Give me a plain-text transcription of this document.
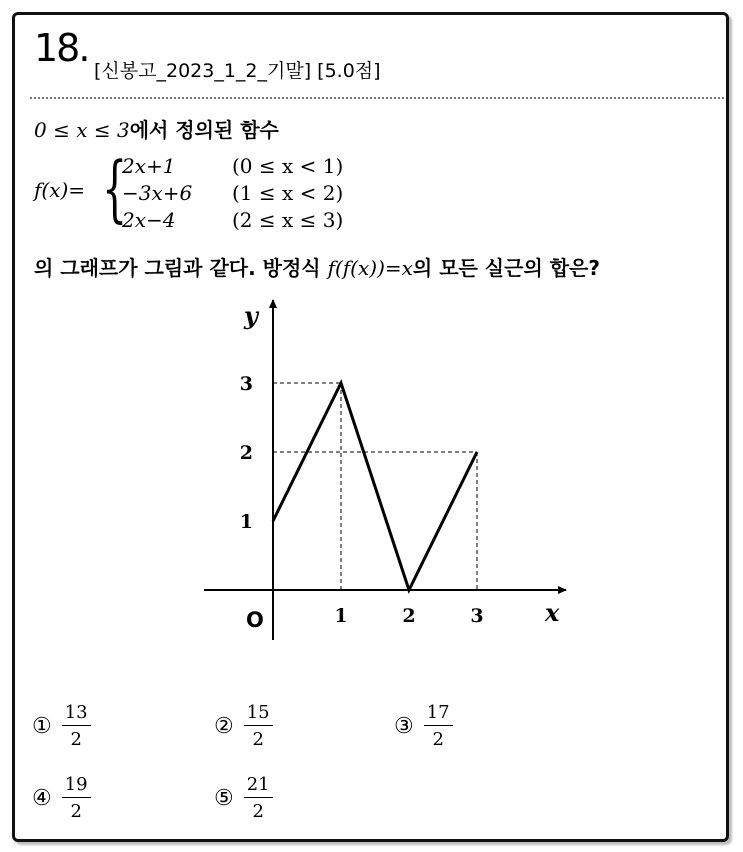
18.
[신봉고_2023_1_2_기말] [5.0점]
0 ≤ x ≤ 3에서 정의된 함수
f(x)= {
2x+1	(0 ≤ x < 1)
−3x+6	(1 ≤ x < 2)
2x−4	(2 ≤ x ≤ 3)
의 그래프가 그림과 같다. 방정식 f(f(x))=x의 모든 실근의 합은?
1	2	3
1
2
3
O	x
y
① $\frac{13}{2}$	② $\frac{15}{2}$	③ $\frac{17}{2}$
④ $\frac{19}{2}$	⑤ $\frac{21}{2}$
